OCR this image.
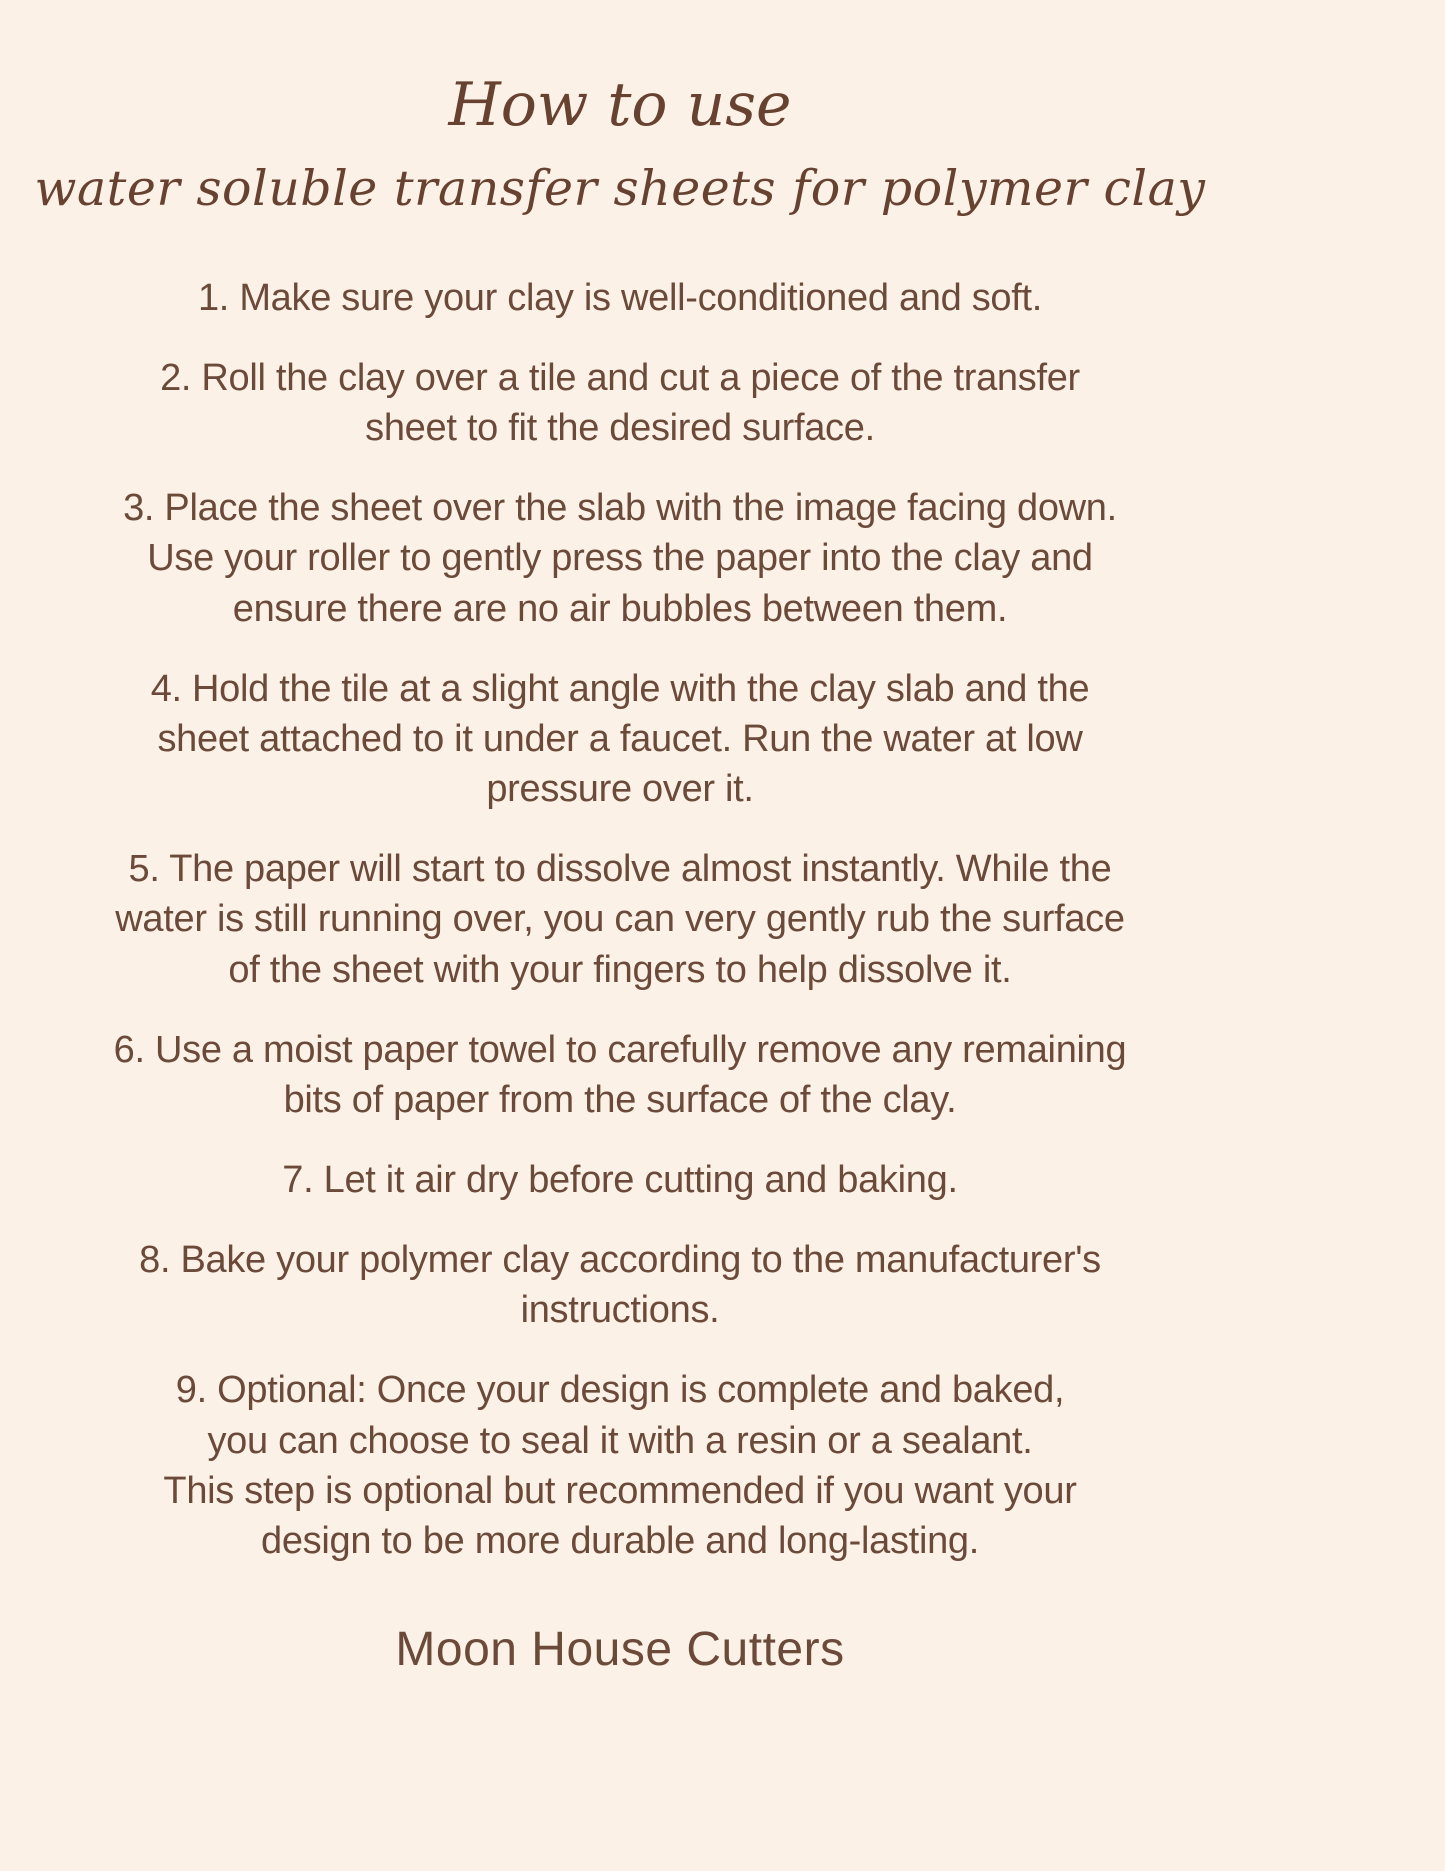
How to use
water soluble transfer sheets for polymer clay
1. Make sure your clay is well-conditioned and soft.
2. Roll the clay over a tile and cut a piece of the transfer
sheet to fit the desired surface.
3. Place the sheet over the slab with the image facing down.
Use your roller to gently press the paper into the clay and
ensure there are no air bubbles between them.
4. Hold the tile at a slight angle with the clay slab and the
sheet attached to it under a faucet. Run the water at low
pressure over it.
5. The paper will start to dissolve almost instantly. While the
water is still running over, you can very gently rub the surface
of the sheet with your fingers to help dissolve it.
6. Use a moist paper towel to carefully remove any remaining
bits of paper from the surface of the clay.
7. Let it air dry before cutting and baking.
8. Bake your polymer clay according to the manufacturer's
instructions.
9. Optional: Once your design is complete and baked,
you can choose to seal it with a resin or a sealant.
This step is optional but recommended if you want your
design to be more durable and long-lasting.
Moon House Cutters
